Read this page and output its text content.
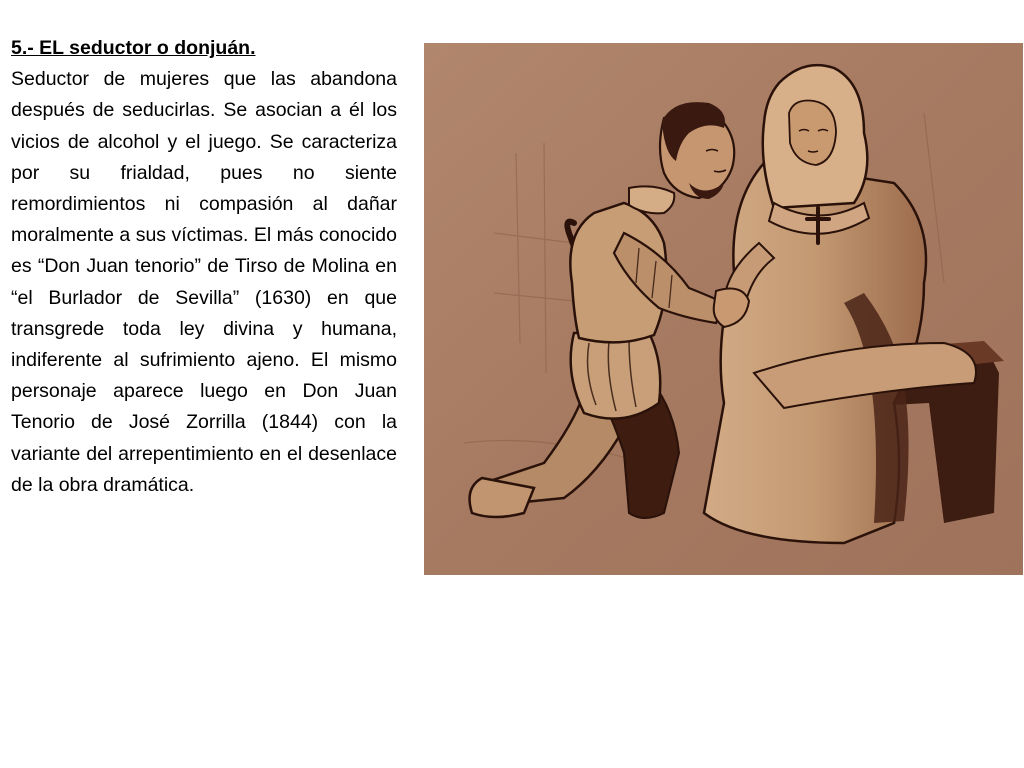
5.- EL seductor o donjuán.
Seductor de mujeres que las abandona después de seducirlas. Se asocian a él los vicios de alcohol y el juego. Se caracteriza por su frialdad, pues no siente remordimientos ni compasión al dañar moralmente a sus víctimas. El más conocido es “Don Juan tenorio” de Tirso de Molina en “el Burlador de Sevilla” (1630) en que transgrede toda ley divina y humana, indiferente al sufrimiento ajeno. El mismo personaje aparece luego en Don Juan Tenorio de José Zorrilla (1844) con la variante del arrepentimiento en el desenlace de la obra dramática.
